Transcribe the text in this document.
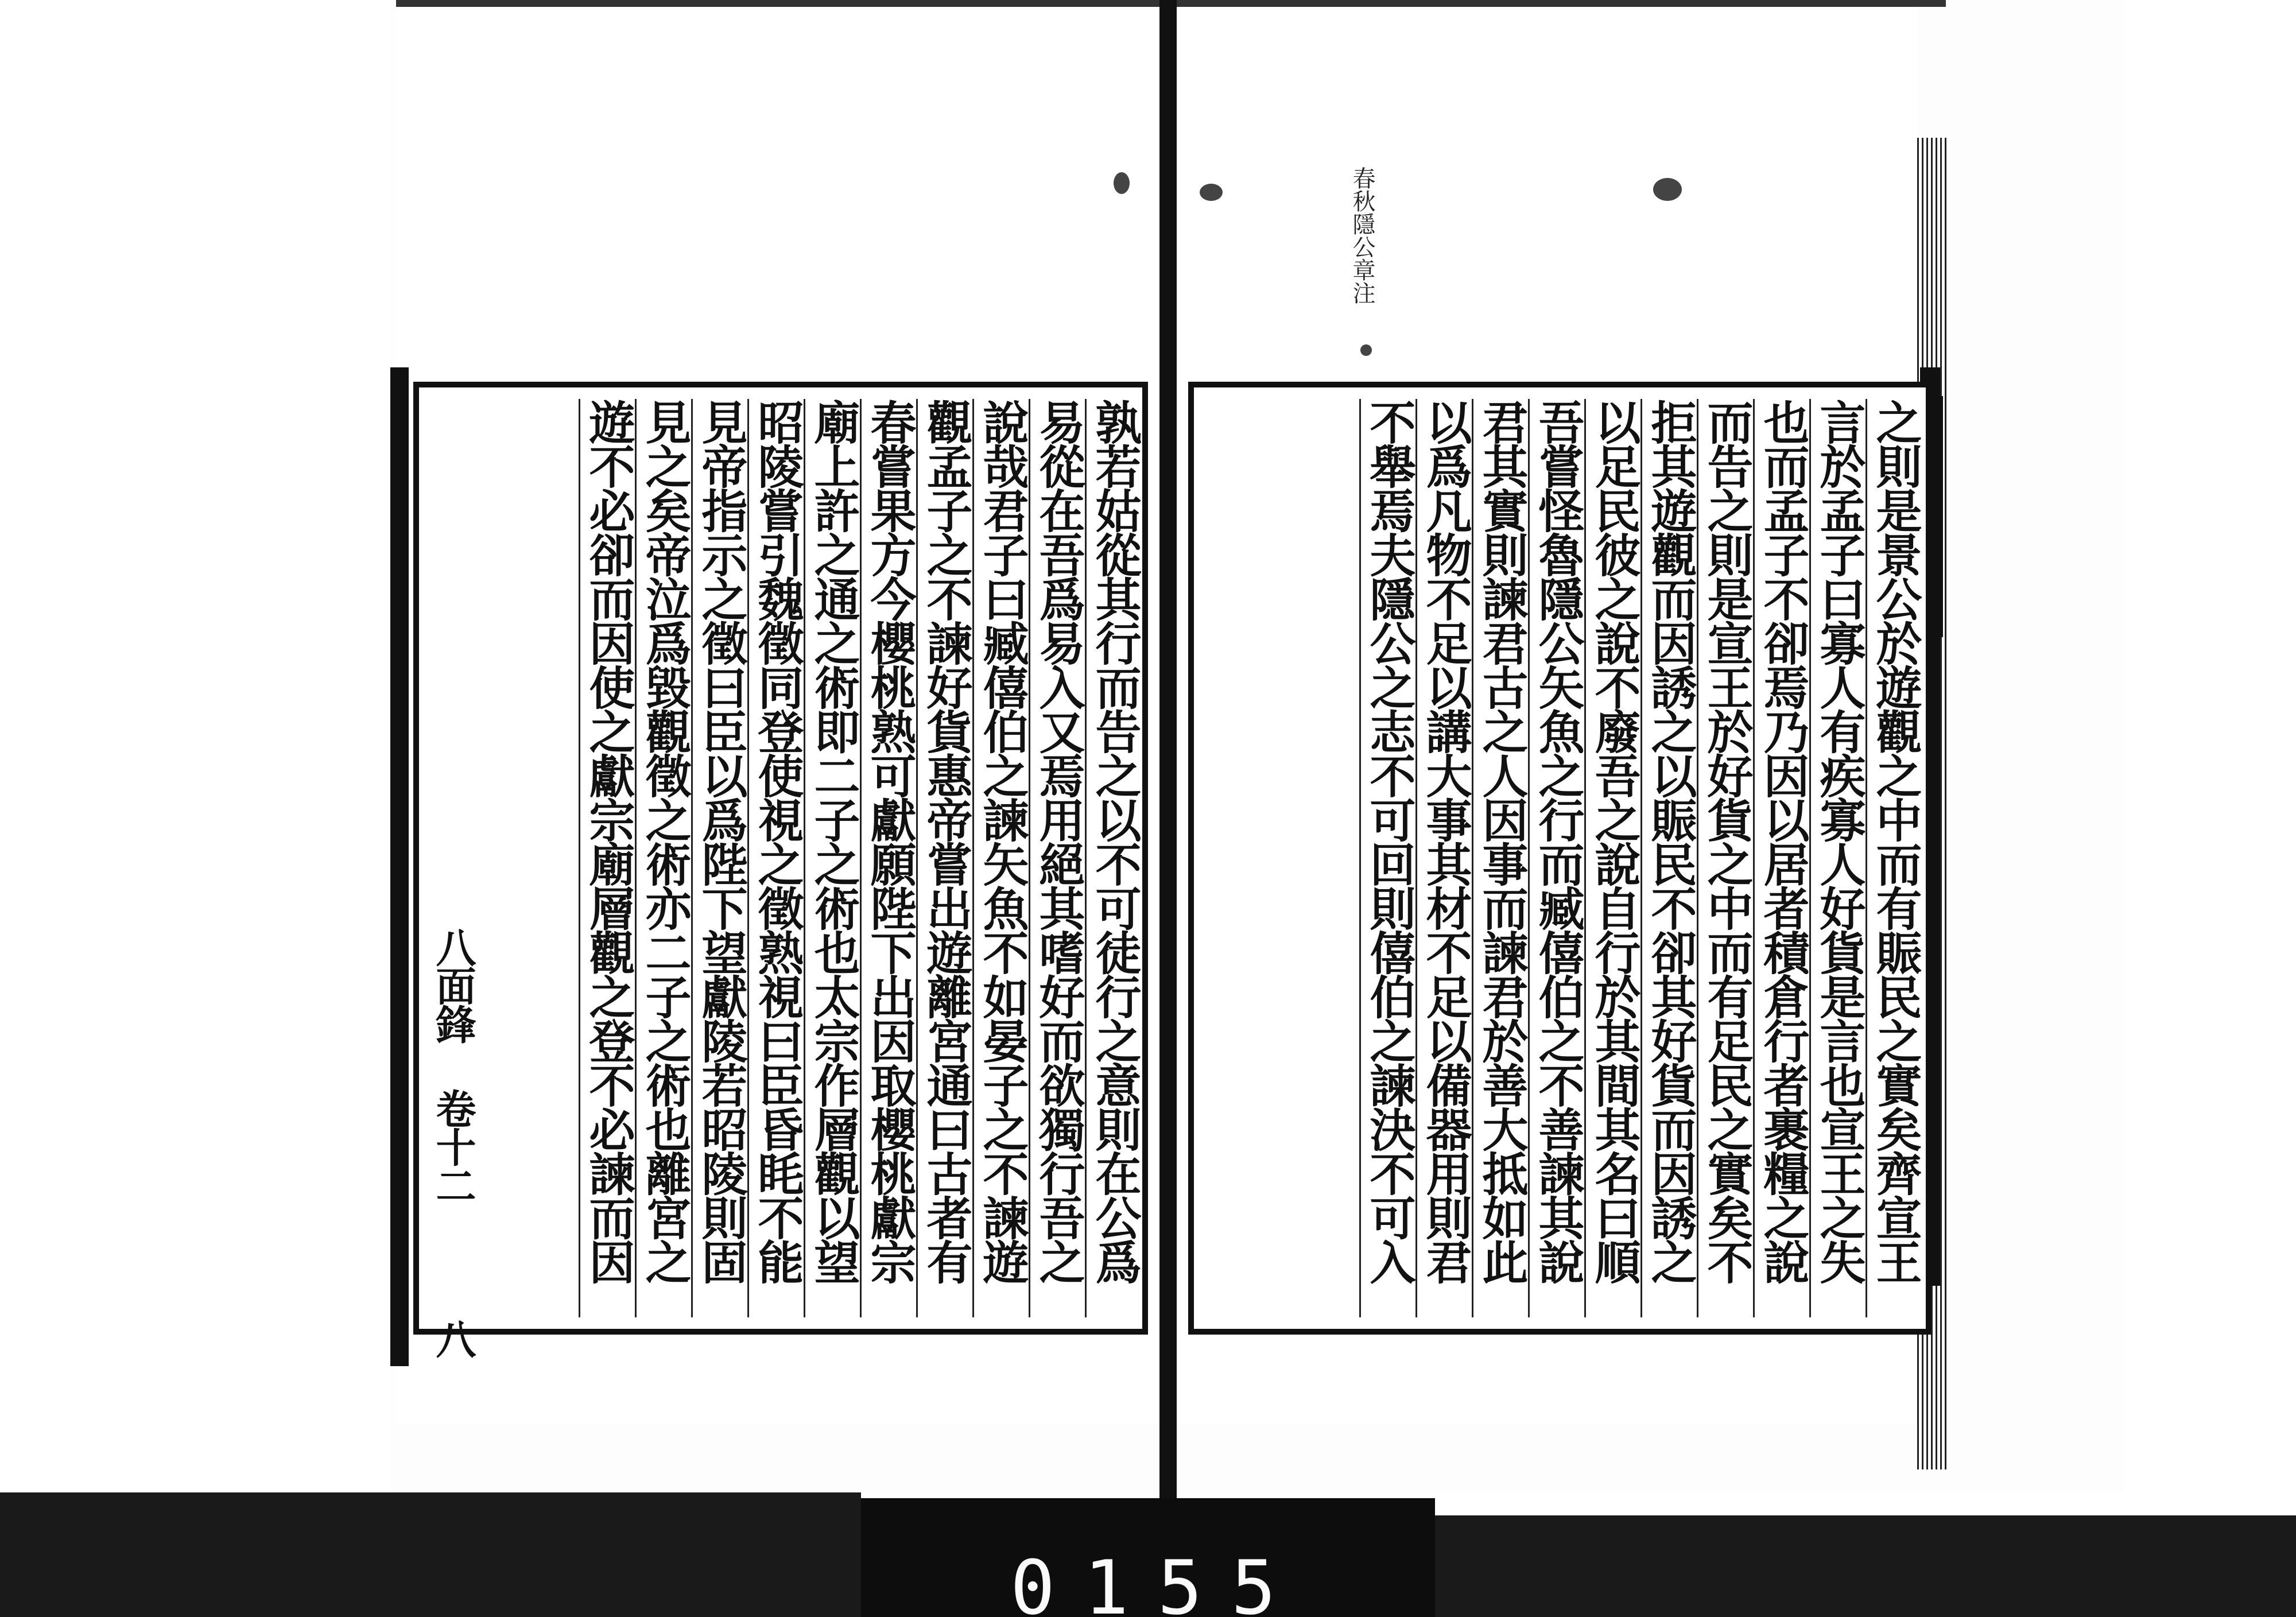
春秋隱公章注
孰若姑從其行而告之以不可徒行之意則在公爲
易從在吾爲易入又焉用絕其嗜好而欲獨行吾之
說哉君子曰臧僖伯之諫矢魚不如晏子之不諫遊
觀孟子之不諫好貨惠帝嘗出遊離宮通曰古者有
春嘗果方今櫻桃熟可獻願陛下出因取櫻桃獻宗
廟上許之通之術即二子之術也太宗作層觀以望
昭陵嘗引魏徵同登使視之徵熟視曰臣昏眊不能
見帝指示之徵曰臣以爲陛下望獻陵若昭陵則固
見之矣帝泣爲毀觀徵之術亦二子之術也離宮之
遊不必卻而因使之獻宗廟層觀之登不必諫而因
八面鋒 卷十二
八
之則是景公於遊觀之中而有賑民之實矣齊宣王
言於孟子曰寡人有疾寡人好貨是言也宣王之失
也而孟子不卻焉乃因以居者積倉行者裹糧之說
而告之則是宣王於好貨之中而有足民之實矣不
拒其遊觀而因誘之以賑民不卻其好貨而因誘之
以足民彼之說不廢吾之說自行於其間其名曰順
吾嘗怪魯隱公矢魚之行而臧僖伯之不善諫其說
君其實則諫君古之人因事而諫君於善大抵如此
以爲凡物不足以講大事其材不足以備器用則君
不舉焉夫隱公之志不可回則僖伯之諫決不可入
0155
